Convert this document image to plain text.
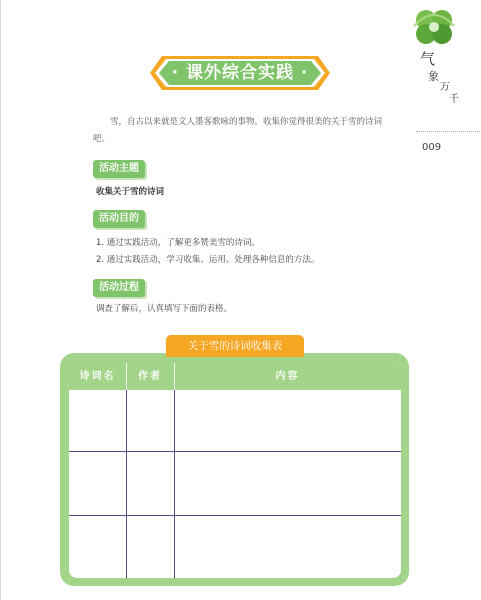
气
象
万
千
009
· 课外综合实践 ·

雪，自古以来就是文人墨客歌咏的事物。收集你觉得很美的关于雪的诗词吧。

活动主题
收集关于雪的诗词
活动目的
1. 通过实践活动，了解更多赞美雪的诗词。
2. 通过实践活动，学习收集、运用、处理各种信息的方法。
活动过程
调查了解后，认真填写下面的表格。
关于雪的诗词收集表
诗词名	作者	内容
